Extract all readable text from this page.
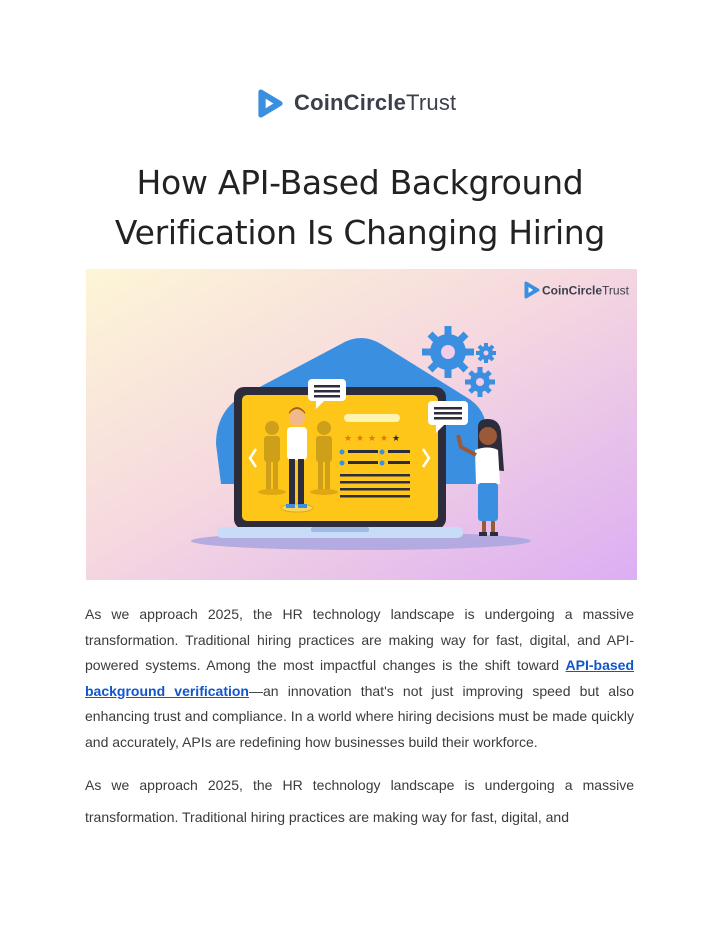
CoinCircleTrust
How API-Based Background Verification Is Changing Hiring
CoinCircleTrust
★ ★ ★ ★ ★

As we approach 2025, the HR technology landscape is undergoing a massive transformation. Traditional hiring practices are making way for fast, digital, and API-powered systems. Among the most impactful changes is the shift toward API-based background verification—an innovation that's not just improving speed but also enhancing trust and compliance. In a world where hiring decisions must be made quickly and accurately, APIs are redefining how businesses build their workforce.

As we approach 2025, the HR technology landscape is undergoing a massive transformation. Traditional hiring practices are making way for fast, digital, and
